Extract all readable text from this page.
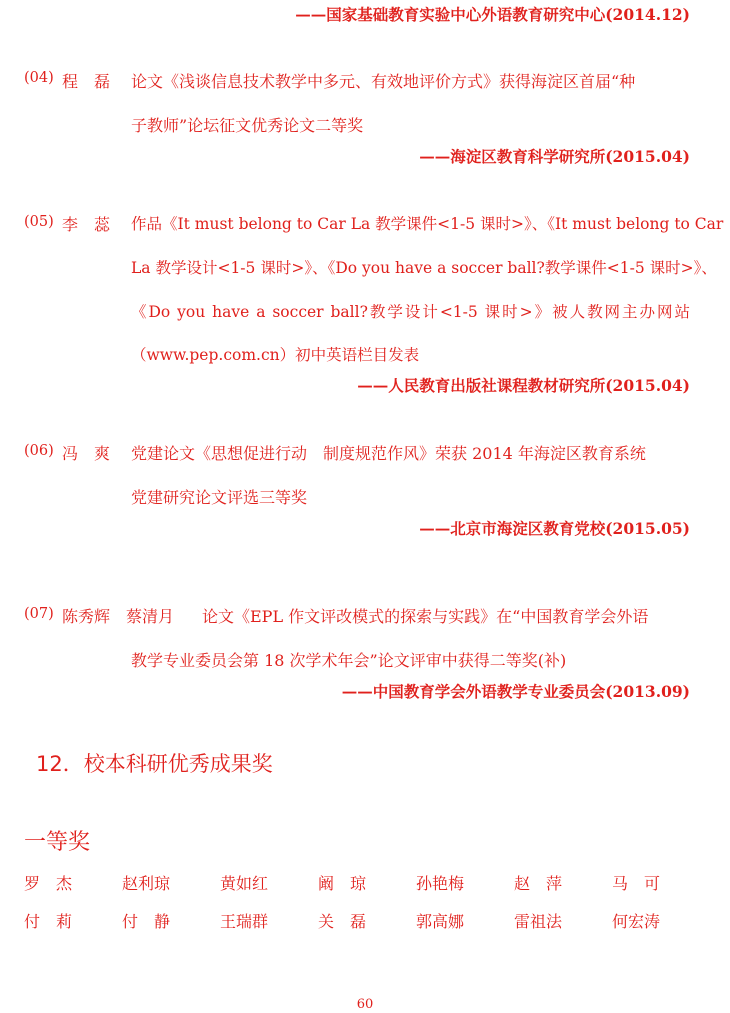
——国家基础教育实验中心外语教育研究中心(2014.12)
(04) 程　磊 论文《浅谈信息技术教学中多元、有效地评价方式》获得海淀区首届“种
子教师”论坛征文优秀论文二等奖
——海淀区教育科学研究所(2015.04)
(05) 李　蕊 作品《It must belong to Car La 教学课件<1-5 课时>》、《It must belong to Car
La 教学设计<1-5 课时>》、《Do you have a soccer ball?教学课件<1-5 课时>》、
《Do you have a soccer ball?教学设计<1-5 课时>》被人教网主办网站
（www.pep.com.cn）初中英语栏目发表
——人民教育出版社课程教材研究所(2015.04)
(06) 冯　爽 党建论文《思想促进行动　制度规范作风》荣获 2014 年海淀区教育系统
党建研究论文评选三等奖
——北京市海淀区教育党校(2015.05)
(07) 陈秀辉　蔡清月 论文《EPL 作文评改模式的探索与实践》在“中国教育学会外语
教学专业委员会第 18 次学术年会”论文评审中获得二等奖(补)
——中国教育学会外语教学专业委员会(2013.09)
12．校本科研优秀成果奖
一等奖
罗　杰	赵利琼	黄如红	阚　琼	孙艳梅	赵　萍	马　可
付　莉	付　静	王瑞群	关　磊	郭高娜	雷祖法	何宏涛
60
